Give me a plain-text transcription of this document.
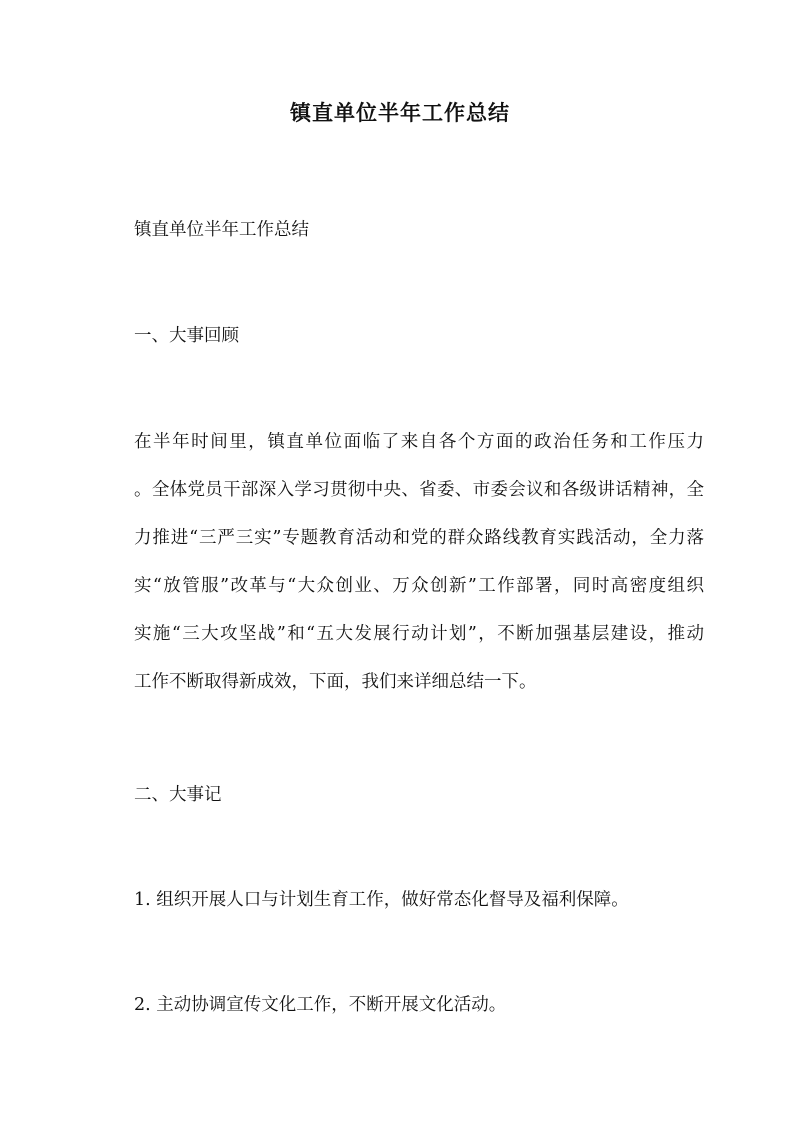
镇直单位半年工作总结
镇直单位半年工作总结
一、大事回顾
在半年时间里，镇直单位面临了来自各个方面的政治任务和工作压力
。全体党员干部深入学习贯彻中央、省委、市委会议和各级讲话精神，全
力推进“三严三实”专题教育活动和党的群众路线教育实践活动，全力落
实“放管服”改革与“大众创业、万众创新”工作部署，同时高密度组织
实施“三大攻坚战”和“五大发展行动计划”，不断加强基层建设，推动
工作不断取得新成效，下面，我们来详细总结一下。
二、大事记
1. 组织开展人口与计划生育工作，做好常态化督导及福利保障。
2. 主动协调宣传文化工作，不断开展文化活动。
